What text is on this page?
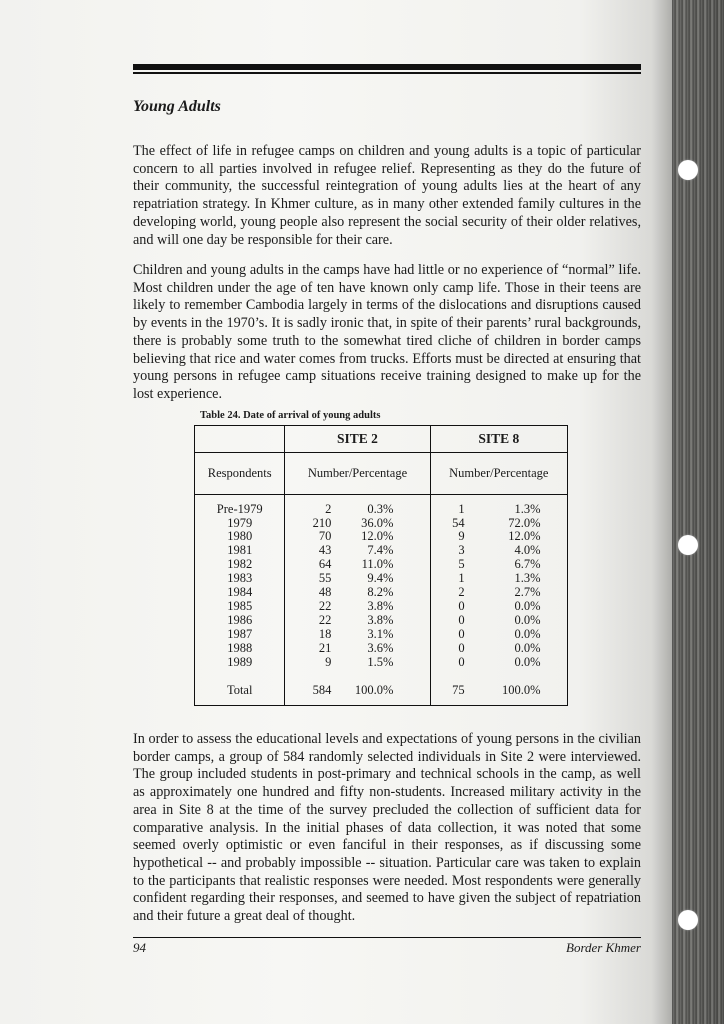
Young Adults

The effect of life in refugee camps on children and young adults is a topic of particular concern to all parties involved in refugee relief. Representing as they do the future of their community, the successful reintegration of young adults lies at the heart of any repatriation strategy. In Khmer culture, as in many other extended family cultures in the developing world, young people also represent the social security of their older relatives, and will one day be responsible for their care.

Children and young adults in the camps have had little or no experience of “normal” life. Most children under the age of ten have known only camp life. Those in their teens are likely to remember Cambodia largely in terms of the dislocations and disruptions caused by events in the 1970’s. It is sadly ironic that, in spite of their parents’ rural backgrounds, there is probably some truth to the somewhat tired cliche of children in border camps believing that rice and water comes from trucks. Efforts must be directed at ensuring that young persons in refugee camp situations receive training designed to make up for the lost experience.

Table 24. Date of arrival of young adults
	SITE 2	SITE 8
Respondents	Number/Percentage	Number/Percentage

Pre-1979	2 0.3%	1 1.3%
1979	210 36.0%	54 72.0%
1980	70 12.0%	9 12.0%
1981	43 7.4%	3 4.0%
1982	64 11.0%	5 6.7%
1983	55 9.4%	1 1.3%
1984	48 8.2%	2 2.7%
1985	22 3.8%	0 0.0%
1986	22 3.8%	0 0.0%
1987	18 3.1%	0 0.0%
1988	21 3.6%	0 0.0%
1989	9 1.5%	0 0.0%

Total	584 100.0%	75 100.0%

In order to assess the educational levels and expectations of young persons in the civilian border camps, a group of 584 randomly selected individuals in Site 2 were interviewed. The group included students in post-primary and technical schools in the camp, as well as approximately one hundred and fifty non-students. Increased military activity in the area in Site 8 at the time of the survey precluded the collection of sufficient data for comparative analysis. In the initial phases of data collection, it was noted that some seemed overly optimistic or even fanciful in their responses, as if discussing some hypothetical -- and probably impossible -- situation. Particular care was taken to explain to the participants that realistic responses were needed. Most respondents were generally confident regarding their responses, and seemed to have given the subject of repatriation and their future a great deal of thought.

94	Border Khmer
